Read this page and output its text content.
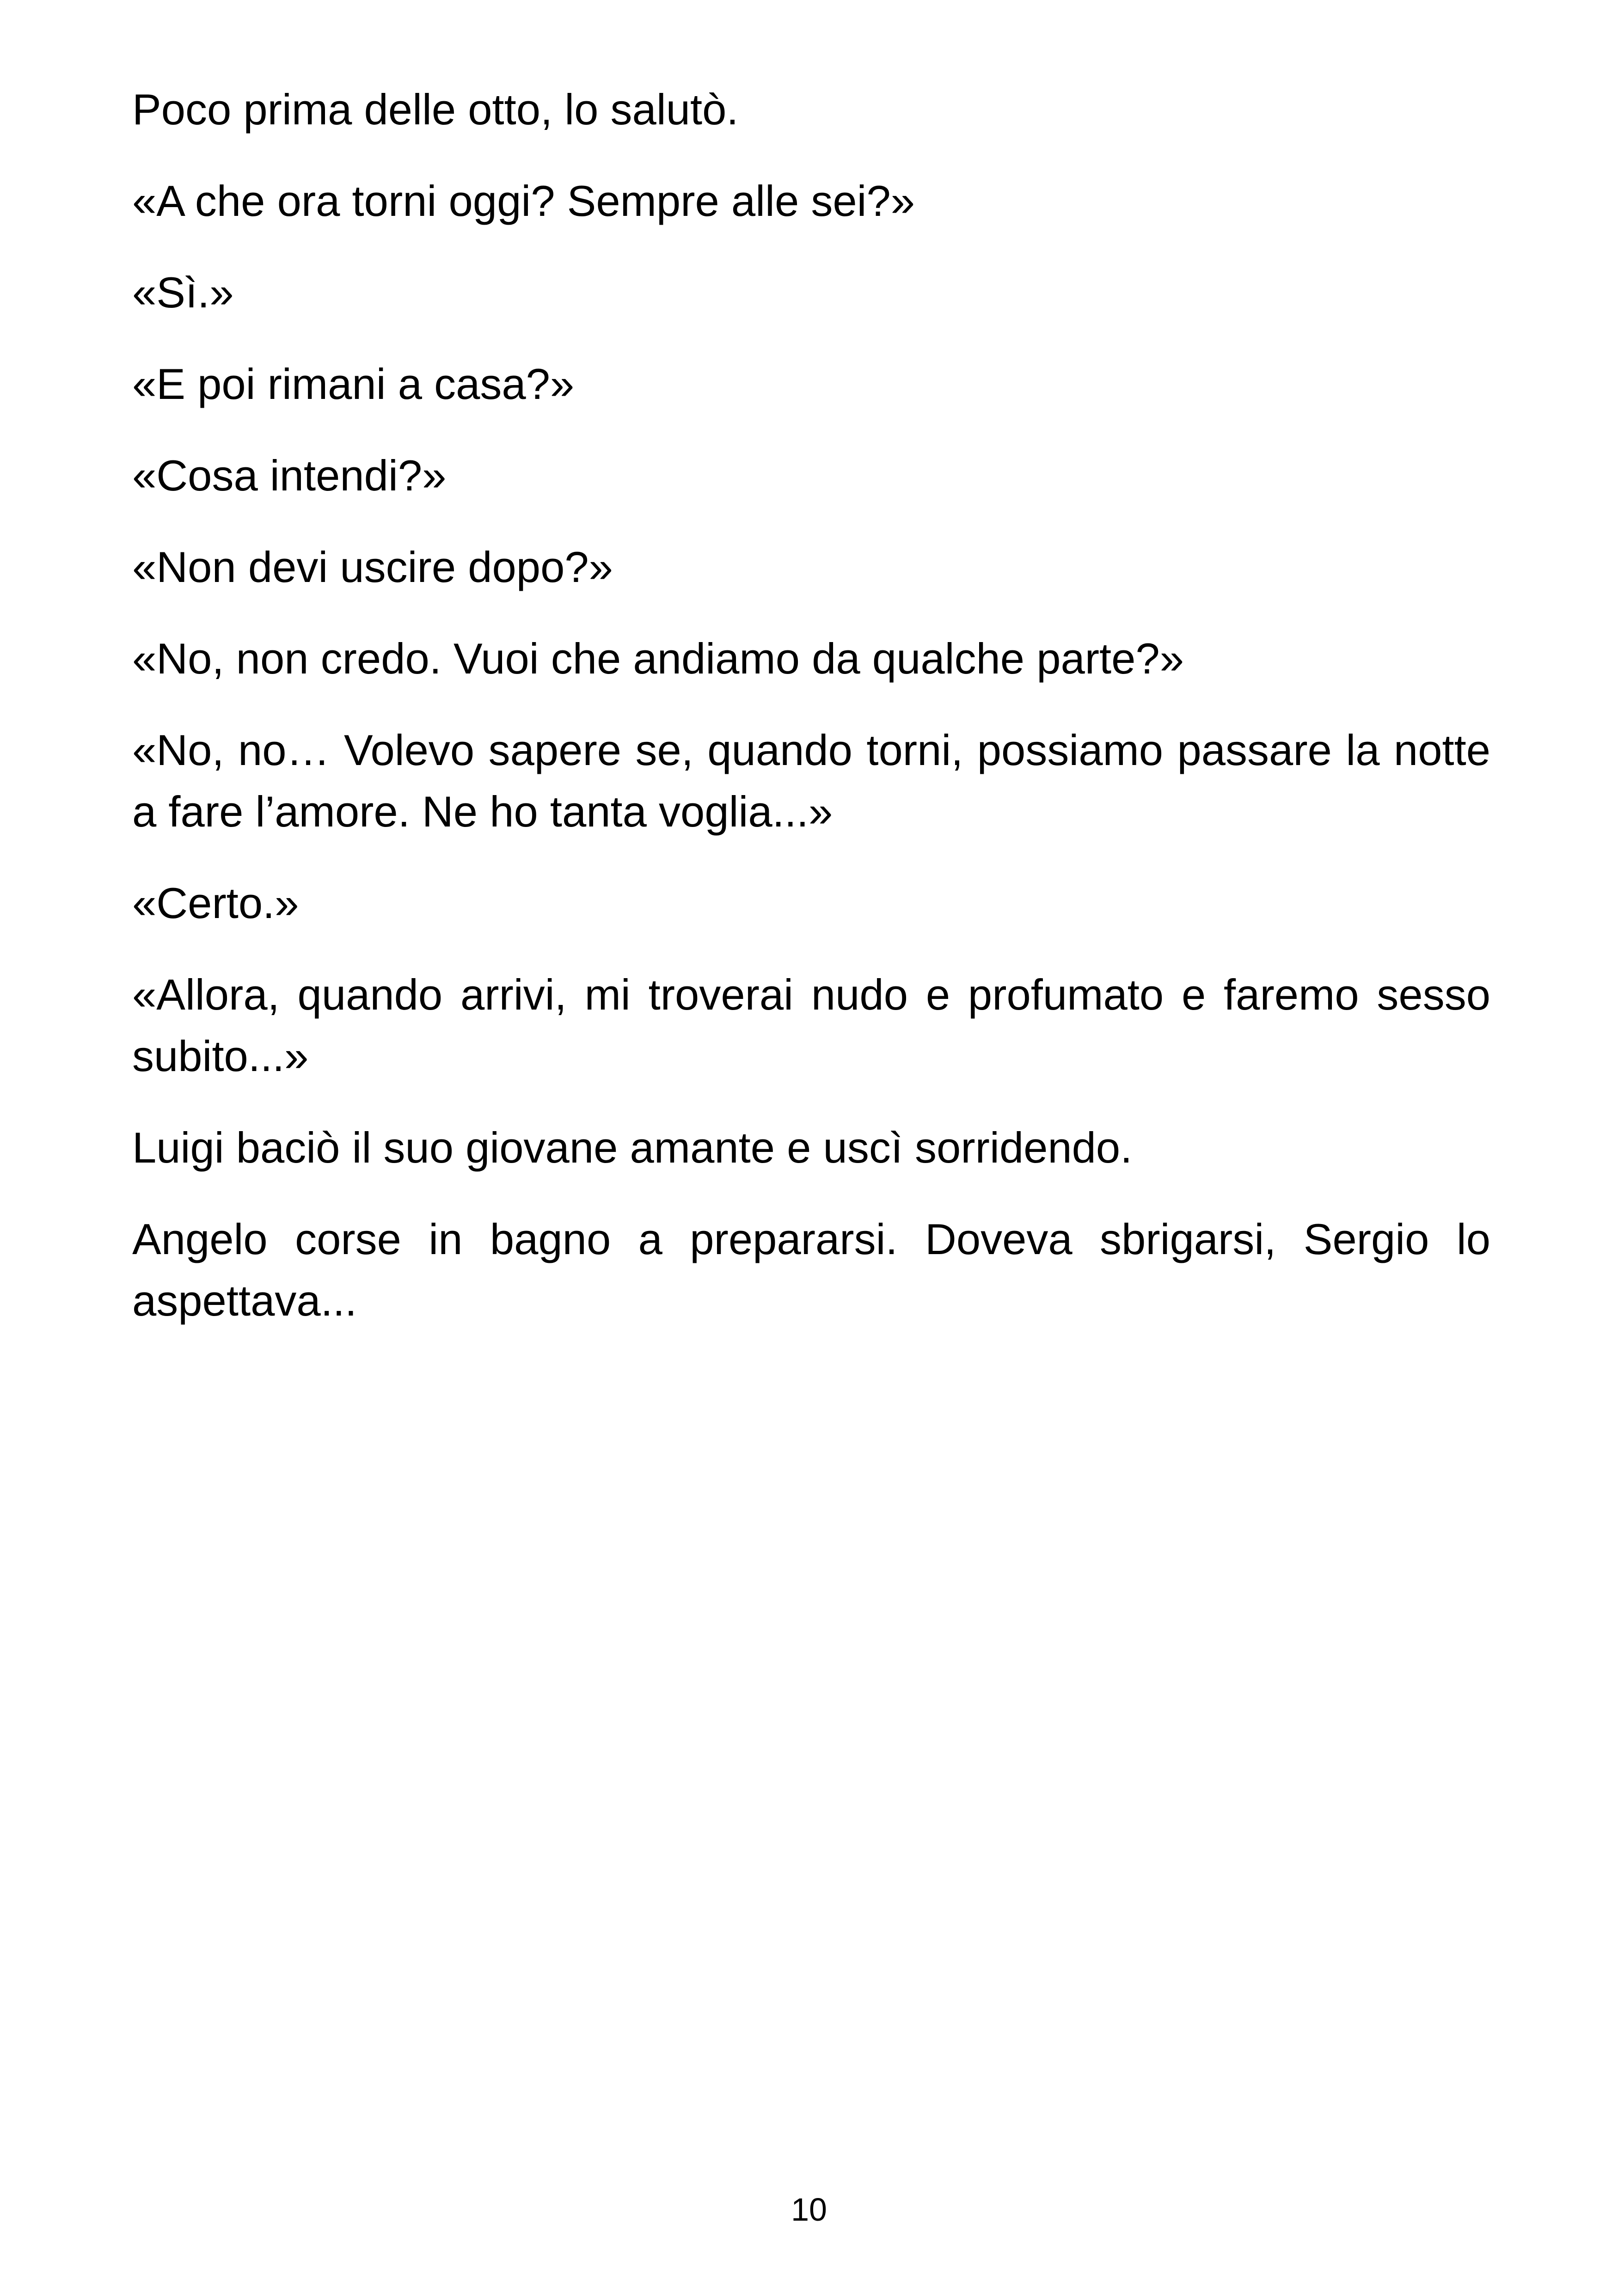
Poco prima delle otto, lo salutò.

«A che ora torni oggi? Sempre alle sei?»

«Sì.»

«E poi rimani a casa?»

«Cosa intendi?»

«Non devi uscire dopo?»

«No, non credo. Vuoi che andiamo da qualche parte?»

«No, no… Volevo sapere se, quando torni, possiamo passare la notte a fare l’amore. Ne ho tanta voglia...»

«Certo.»

«Allora, quando arrivi, mi troverai nudo e profumato e faremo sesso subito...»

Luigi baciò il suo giovane amante e uscì sorridendo.

Angelo corse in bagno a prepararsi. Doveva sbrigarsi, Sergio lo aspettava...

10
